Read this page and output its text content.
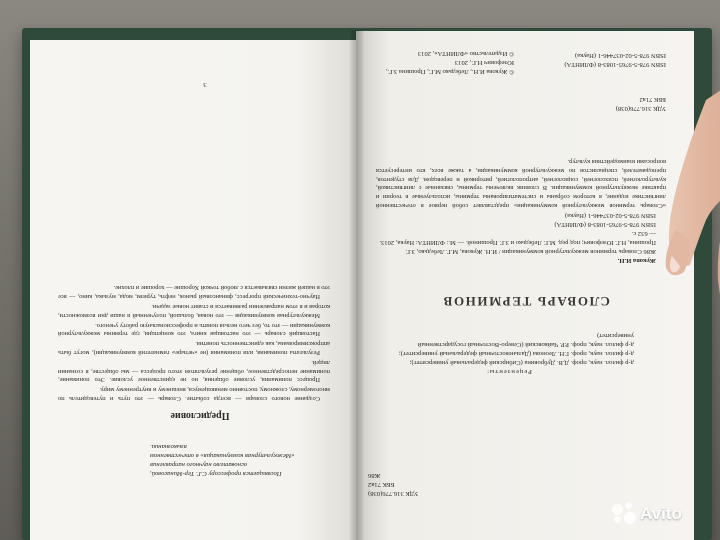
Посвящается профессору С.Г. Тер-Минасовой,
основателю научного направления
«Межкультурная коммуникация» в отечественном
языкознании.
Предисловие

Создание нового словаря — всегда событие. Словарь — это путь и путеводитель по многомерному, сложному, постоянно меняющемуся, внешнему и внутреннему миру.

Процесс понимания, условие общения, но не единственное условие. Это понимание, понимание непосредственное, общение результатом этого процесса — мы обществе, в сознании людей.

Результаты понимания, или понимания (не «четыре» гимнатегий коммуникации), могут быть аппроксимированы, как единственность понятия.

Настоящий словарь — это настоящая книга, это концепция, где термины межкультурной коммуникации — это то, без чего нельзя понять и профессиональную работу ученого.

Межкультурная коммуникация — это новая, большой, полученный в наши дни возможности, которая и в этом направлении развивается и ставит новые задачи.

Научно-технический прогресс, финансовый рынок, нефть, туризм, мода, музыка, кино, — все это в нашей жизни связывается с любой точкой Хорошие — хорошие и плохие.

3
УДК 316.776(038)
ББК 71я2
Ж86
Рецензенты:
д-р филол. наук, проф. Д.В. Дубровина (Сибирский федеральный университет);
д-р филол. наук, проф. Г.Н. Леонова (Дальневосточный федеральный университет);
д-р филол. наук, проф. Р.Р. Чайковский (Северо-Восточный государственный университет)
СЛОВАРЬ ТЕРМИНОВ
Жукова И.Н.
Ж86 Словарь терминов межкультурной коммуникации / И.Н. Жукова, М.Г. Лебедько, З.Г. Прошина, Н.Г. Юзефович; под ред. М.Г. Лебедько и З.Г. Прошиной. — М.: ФЛИНТА: Наука, 2013. — 632 с.
ISBN 978-5-9765-1083-8 (ФЛИНТА)
ISBN 978-5-02-037446-1 (Наука)
«Словарь терминов межкультурной коммуникации» представляет собой первое в отечественной лингвистике издание, в котором собраны и систематизированы термины, используемые в теории и практике межкультурной коммуникации. В словник включены термины, связанные с лингвистикой, культурологией, психологией, социологией, антропологией, риторикой и переводом. Для студентов, преподавателей, специалистов по межкультурной коммуникации, а также всех, кто интересуется вопросами взаимодействия культур.
УДК 316.776(038)
ББК 71я2
ISBN 978-5-9765-1083-8 (ФЛИНТА)
ISBN 978-5-02-037446-1 (Наука)
© Жукова И.Н., Лебедько М.Г., Прошина З.Г., Юзефович Н.Г., 2013
© Издательство «ФЛИНТА», 2013
Avito
